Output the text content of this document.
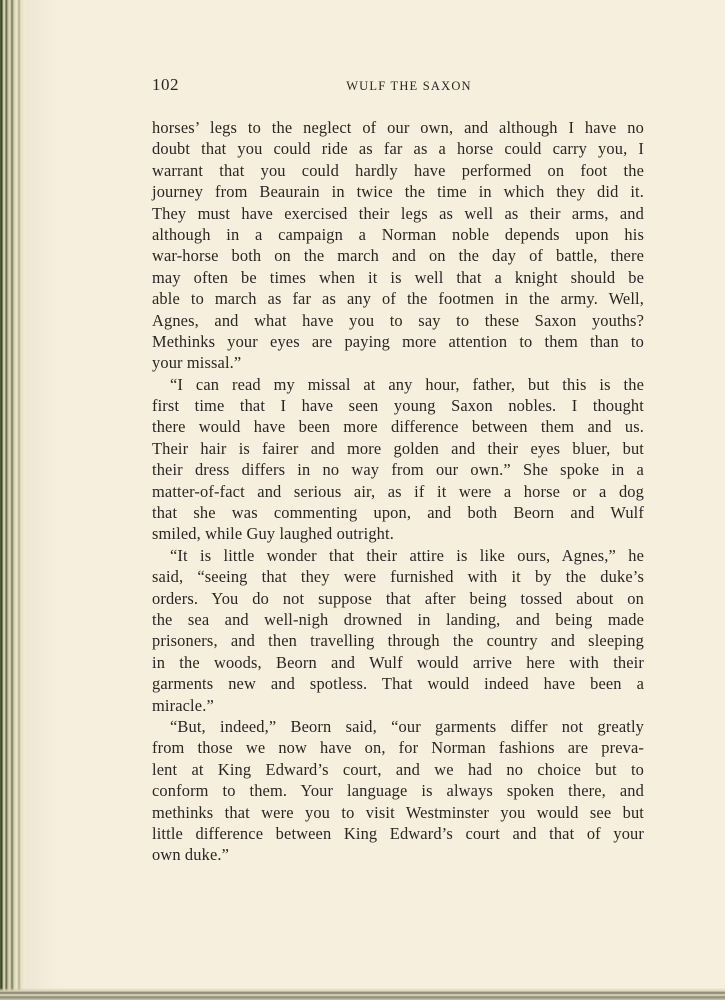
102	WULF THE SAXON
horses’ legs to the neglect of our own, and although I have no
doubt that you could ride as far as a horse could carry you, I
warrant that you could hardly have performed on foot the
journey from Beaurain in twice the time in which they did it.
They must have exercised their legs as well as their arms, and
although in a campaign a Norman noble depends upon his
war-horse both on the march and on the day of battle, there
may often be times when it is well that a knight should be
able to march as far as any of the footmen in the army. Well,
Agnes, and what have you to say to these Saxon youths?
Methinks your eyes are paying more attention to them than to
your missal.”
“I can read my missal at any hour, father, but this is the
first time that I have seen young Saxon nobles. I thought
there would have been more difference between them and us.
Their hair is fairer and more golden and their eyes bluer, but
their dress differs in no way from our own.” She spoke in a
matter-of-fact and serious air, as if it were a horse or a dog
that she was commenting upon, and both Beorn and Wulf
smiled, while Guy laughed outright.
“It is little wonder that their attire is like ours, Agnes,” he
said, “seeing that they were furnished with it by the duke’s
orders. You do not suppose that after being tossed about on
the sea and well-nigh drowned in landing, and being made
prisoners, and then travelling through the country and sleeping
in the woods, Beorn and Wulf would arrive here with their
garments new and spotless. That would indeed have been a
miracle.”
“But, indeed,” Beorn said, “our garments differ not greatly
from those we now have on, for Norman fashions are preva-
lent at King Edward’s court, and we had no choice but to
conform to them. Your language is always spoken there, and
methinks that were you to visit Westminster you would see but
little difference between King Edward’s court and that of your
own duke.”
